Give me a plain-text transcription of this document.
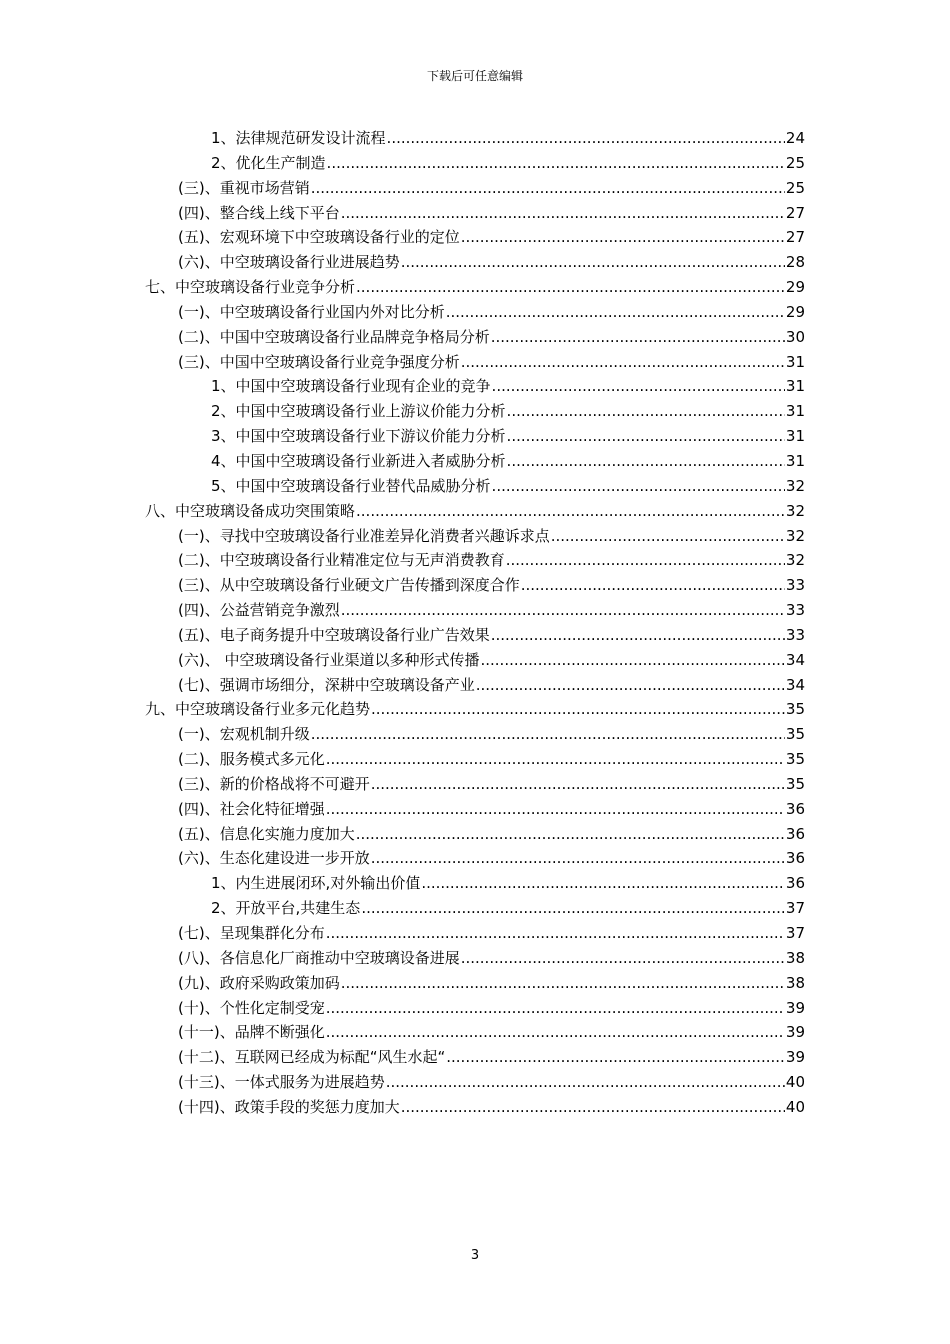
下载后可任意编辑
1、法律规范研发设计流程 .....	24
2、优化生产制造 .....	25
(三)、重视市场营销 .....	25
(四)、整合线上线下平台 .....	27
(五)、宏观环境下中空玻璃设备行业的定位 .....	27
(六)、中空玻璃设备行业进展趋势 .....	28
七、中空玻璃设备行业竞争分析 .....	29
(一)、中空玻璃设备行业国内外对比分析 .....	29
(二)、中国中空玻璃设备行业品牌竞争格局分析 .....	30
(三)、中国中空玻璃设备行业竞争强度分析 .....	31
1、中国中空玻璃设备行业现有企业的竞争 .....	31
2、中国中空玻璃设备行业上游议价能力分析 .....	31
3、中国中空玻璃设备行业下游议价能力分析 .....	31
4、中国中空玻璃设备行业新进入者威胁分析 .....	31
5、中国中空玻璃设备行业替代品威胁分析 .....	32
八、中空玻璃设备成功突围策略 .....	32
(一)、寻找中空玻璃设备行业准差异化消费者兴趣诉求点 .....	32
(二)、中空玻璃设备行业精准定位与无声消费教育 .....	32
(三)、从中空玻璃设备行业硬文广告传播到深度合作 .....	33
(四)、公益营销竞争激烈 .....	33
(五)、电子商务提升中空玻璃设备行业广告效果 .....	33
(六)、 中空玻璃设备行业渠道以多种形式传播 .....	34
(七)、强调市场细分，深耕中空玻璃设备产业 .....	34
九、中空玻璃设备行业多元化趋势 .....	35
(一)、宏观机制升级 .....	35
(二)、服务模式多元化 .....	35
(三)、新的价格战将不可避开 .....	35
(四)、社会化特征增强 .....	36
(五)、信息化实施力度加大 .....	36
(六)、生态化建设进一步开放 .....	36
1、内生进展闭环,对外输出价值 .....	36
2、开放平台,共建生态 .....	37
(七)、呈现集群化分布 .....	37
(八)、各信息化厂商推动中空玻璃设备进展 .....	38
(九)、政府采购政策加码 .....	38
(十)、个性化定制受宠 .....	39
(十一)、品牌不断强化 .....	39
(十二)、互联网已经成为标配“风生水起“ .....	39
(十三)、一体式服务为进展趋势 .....	40
(十四)、政策手段的奖惩力度加大 .....	40
3
